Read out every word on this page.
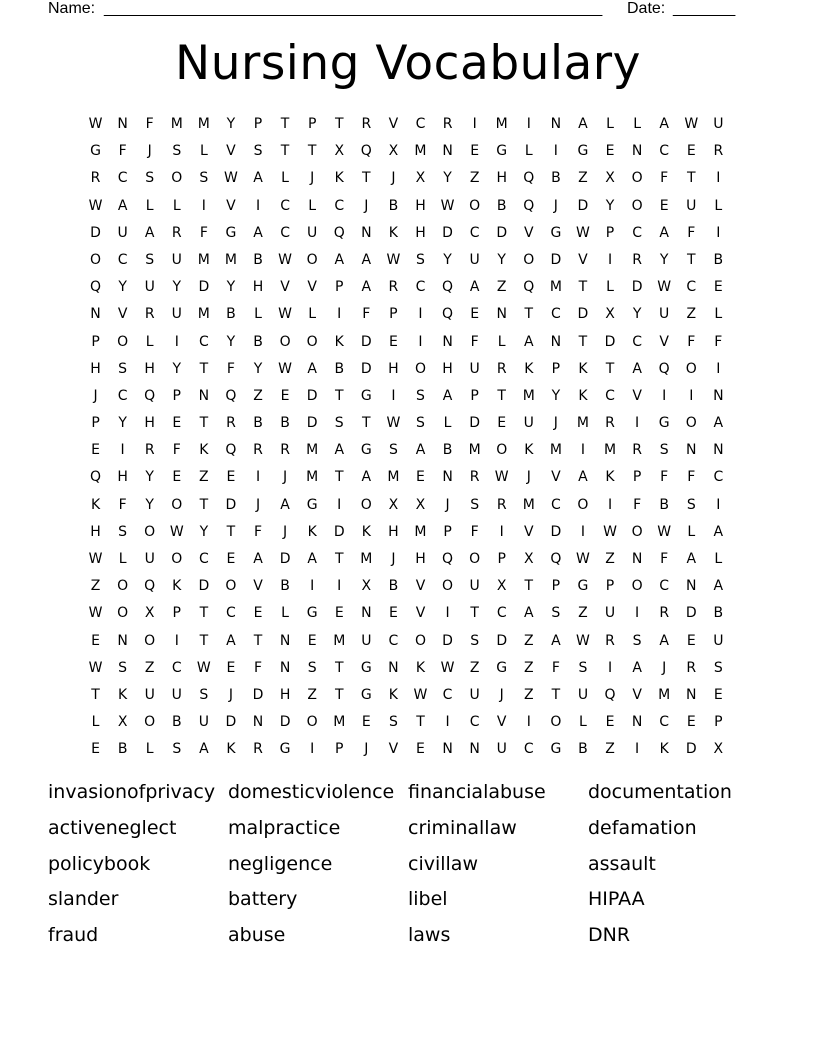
Name: ________________________________________________________ Date: _______
Nursing Vocabulary
W	N	F	M	M	Y	P	T	P	T	R	V	C	R	I	M	I	N	A	L	L	A	W	U
G	F	J	S	L	V	S	T	T	X	Q	X	M	N	E	G	L	I	G	E	N	C	E	R
R	C	S	O	S	W	A	L	J	K	T	J	X	Y	Z	H	Q	B	Z	X	O	F	T	I
W	A	L	L	I	V	I	C	L	C	J	B	H	W	O	B	Q	J	D	Y	O	E	U	L
D	U	A	R	F	G	A	C	U	Q	N	K	H	D	C	D	V	G	W	P	C	A	F	I
O	C	S	U	M	M	B	W	O	A	A	W	S	Y	U	Y	O	D	V	I	R	Y	T	B
Q	Y	U	Y	D	Y	H	V	V	P	A	R	C	Q	A	Z	Q	M	T	L	D	W	C	E
N	V	R	U	M	B	L	W	L	I	F	P	I	Q	E	N	T	C	D	X	Y	U	Z	L
P	O	L	I	C	Y	B	O	O	K	D	E	I	N	F	L	A	N	T	D	C	V	F	F
H	S	H	Y	T	F	Y	W	A	B	D	H	O	H	U	R	K	P	K	T	A	Q	O	I
J	C	Q	P	N	Q	Z	E	D	T	G	I	S	A	P	T	M	Y	K	C	V	I	I	N
P	Y	H	E	T	R	B	B	D	S	T	W	S	L	D	E	U	J	M	R	I	G	O	A
E	I	R	F	K	Q	R	R	M	A	G	S	A	B	M	O	K	M	I	M	R	S	N	N
Q	H	Y	E	Z	E	I	J	M	T	A	M	E	N	R	W	J	V	A	K	P	F	F	C
K	F	Y	O	T	D	J	A	G	I	O	X	X	J	S	R	M	C	O	I	F	B	S	I
H	S	O	W	Y	T	F	J	K	D	K	H	M	P	F	I	V	D	I	W	O	W	L	A
W	L	U	O	C	E	A	D	A	T	M	J	H	Q	O	P	X	Q	W	Z	N	F	A	L
Z	O	Q	K	D	O	V	B	I	I	X	B	V	O	U	X	T	P	G	P	O	C	N	A
W	O	X	P	T	C	E	L	G	E	N	E	V	I	T	C	A	S	Z	U	I	R	D	B
E	N	O	I	T	A	T	N	E	M	U	C	O	D	S	D	Z	A	W	R	S	A	E	U
W	S	Z	C	W	E	F	N	S	T	G	N	K	W	Z	G	Z	F	S	I	A	J	R	S
T	K	U	U	S	J	D	H	Z	T	G	K	W	C	U	J	Z	T	U	Q	V	M	N	E
L	X	O	B	U	D	N	D	O	M	E	S	T	I	C	V	I	O	L	E	N	C	E	P
E	B	L	S	A	K	R	G	I	P	J	V	E	N	N	U	C	G	B	Z	I	K	D	X
invasionofprivacy domesticviolence financialabuse	documentation
activeneglect	malpractice	criminallaw	defamation
policybook	negligence	civillaw	assault
slander	battery	libel	HIPAA
fraud	abuse	laws	DNR
